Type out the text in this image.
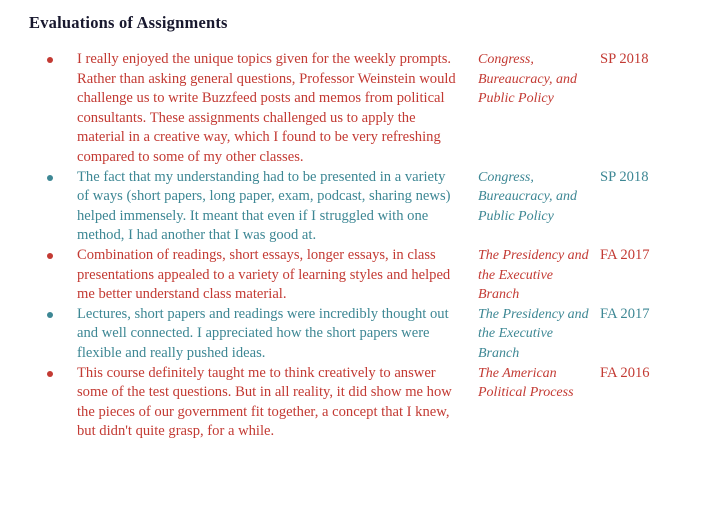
Evaluations of Assignments
I really enjoyed the unique topics given for the weekly prompts. Rather than asking general questions, Professor Weinstein would challenge us to write Buzzfeed posts and memos from political consultants. These assignments challenged us to apply the material in a creative way, which I found to be very refreshing compared to some of my other classes.
Congress, Bureaucracy, and Public Policy
SP 2018
The fact that my understanding had to be presented in a variety of ways (short papers, long paper, exam, podcast, sharing news) helped immensely. It meant that even if I struggled with one method, I had another that I was good at.
Congress, Bureaucracy, and Public Policy
SP 2018
Combination of readings, short essays, longer essays, in class presentations appealed to a variety of learning styles and helped me better understand class material.
The Presidency and the Executive Branch
FA 2017
Lectures, short papers and readings were incredibly thought out and well connected. I appreciated how the short papers were flexible and really pushed ideas.
The Presidency and the Executive Branch
FA 2017
This course definitely taught me to think creatively to answer some of the test questions. But in all reality, it did show me how the pieces of our government fit together, a concept that I knew, but didn't quite grasp, for a while.
The American Political Process
FA 2016
